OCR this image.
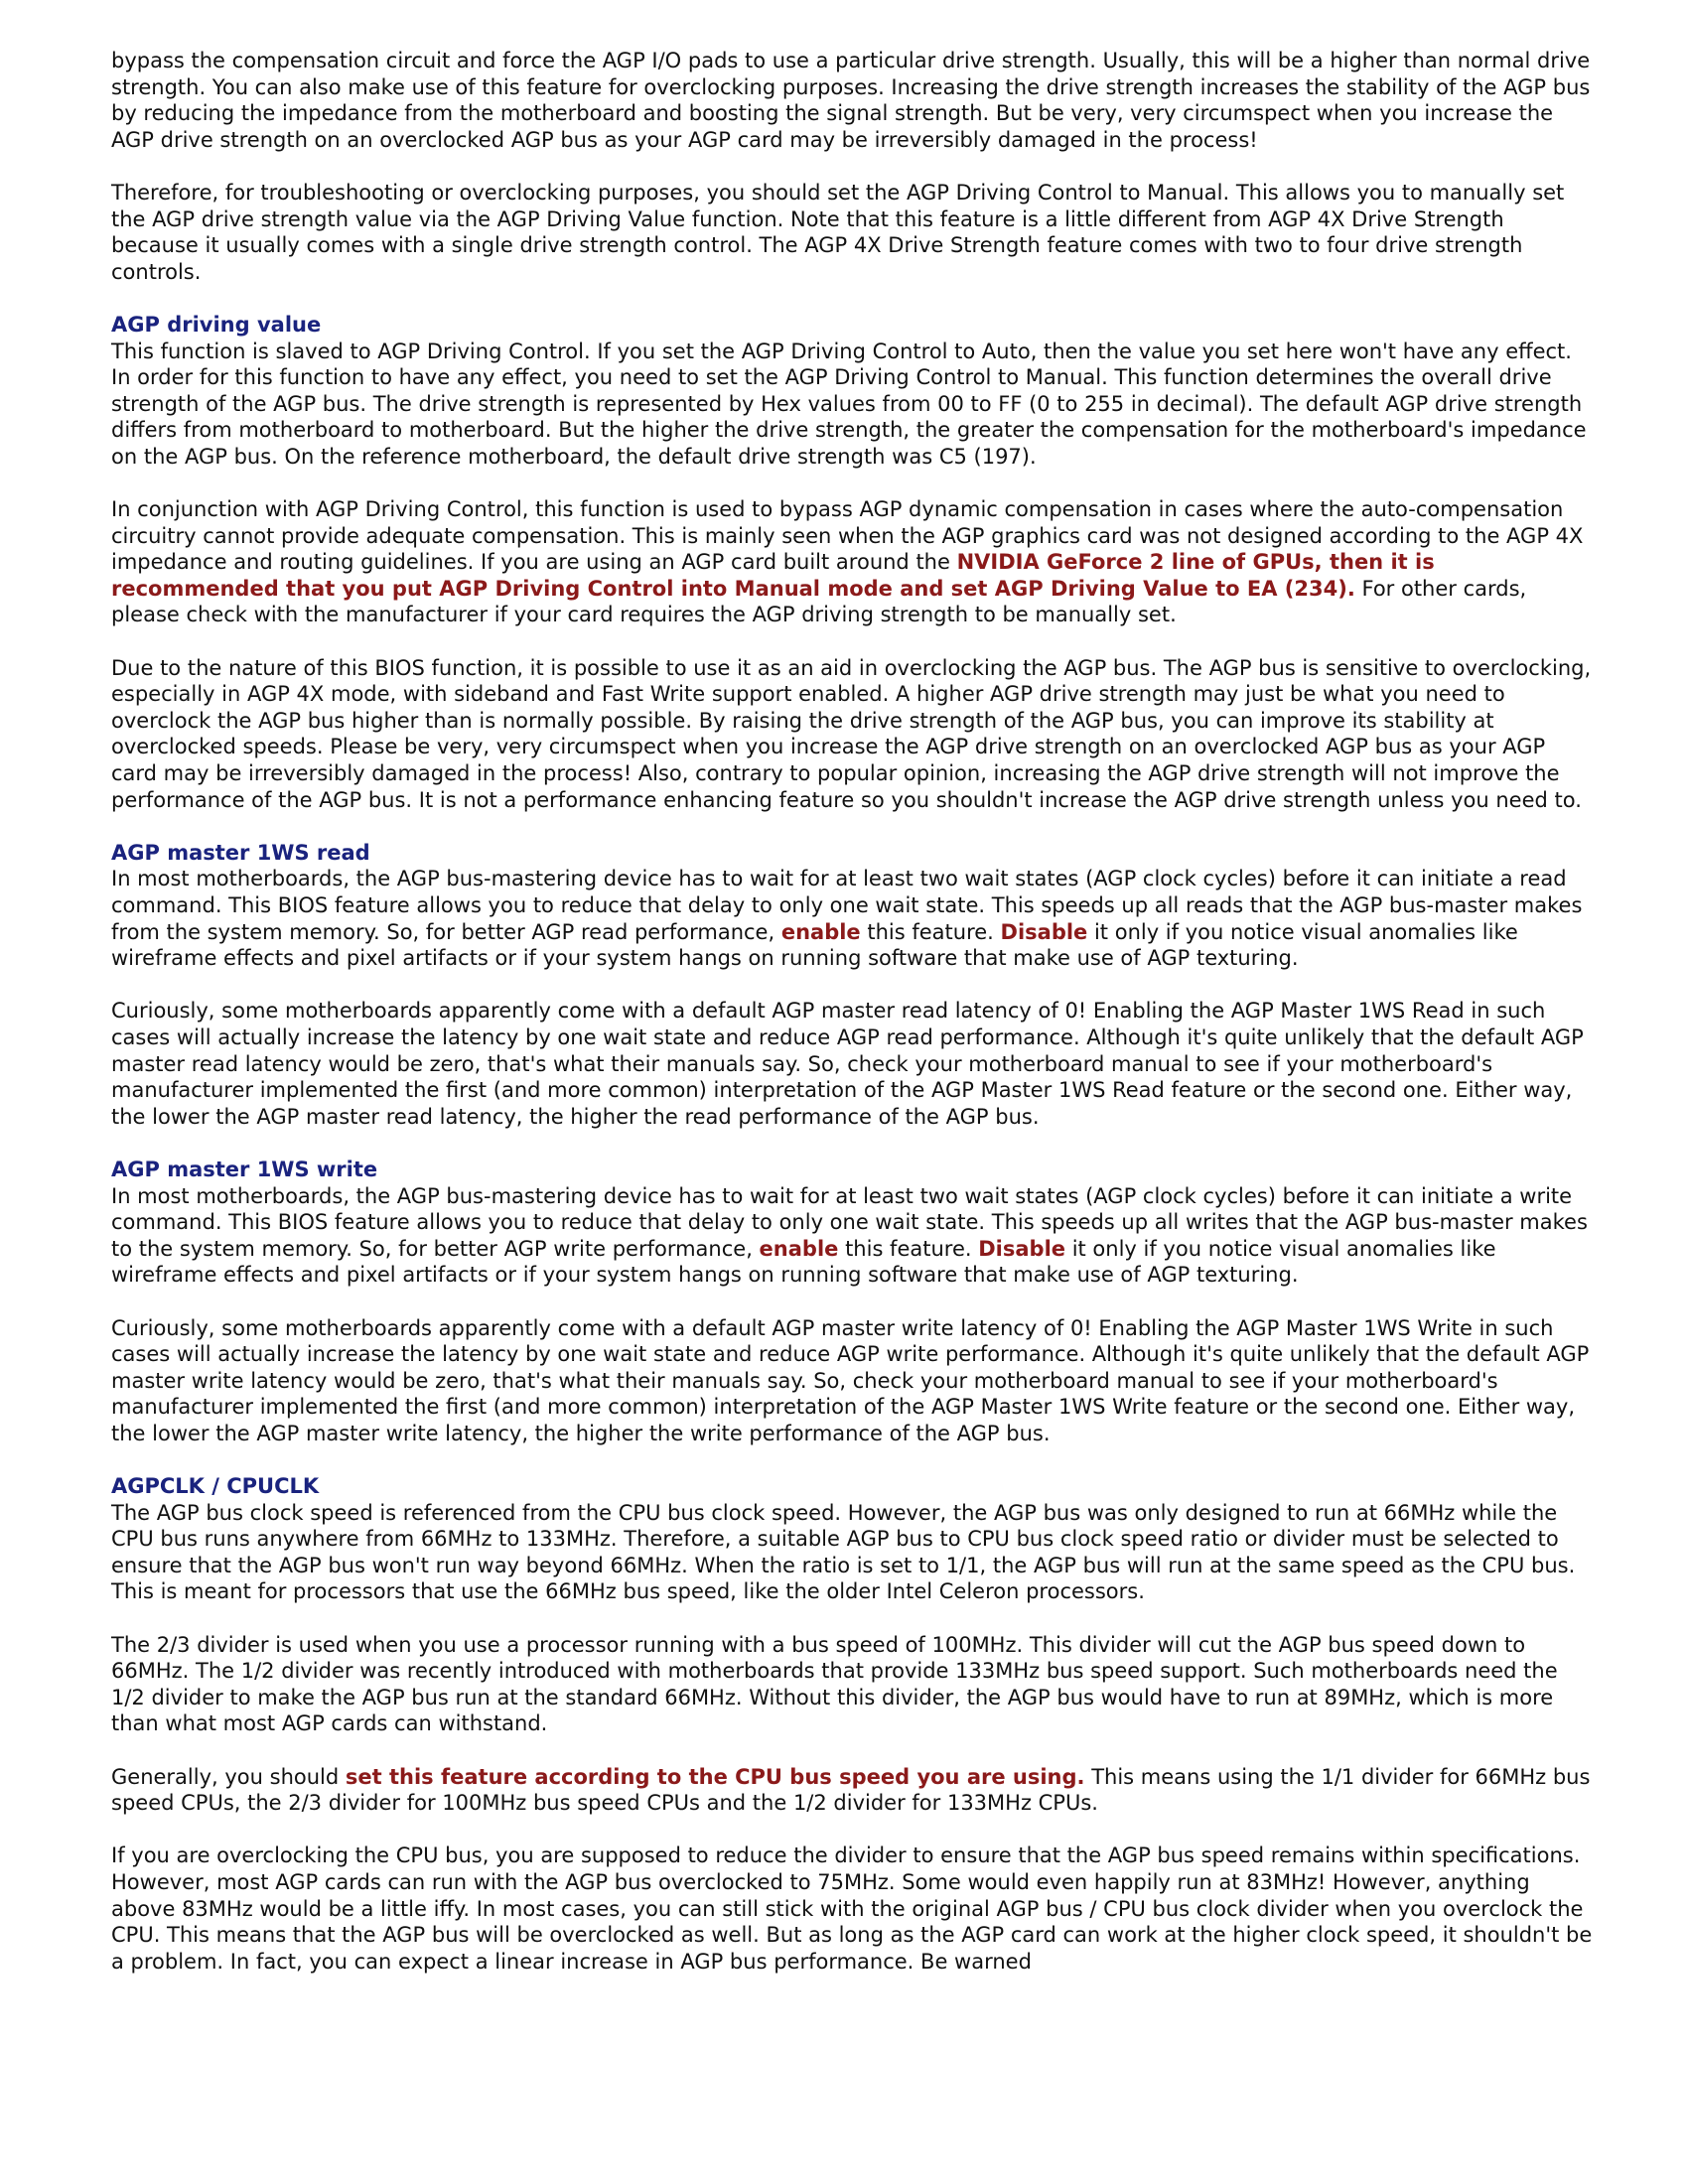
bypass the compensation circuit and force the AGP I/O pads to use a particular drive strength. Usually, this will be a higher than normal drive strength. You can also make use of this feature for overclocking purposes. Increasing the drive strength increases the stability of the AGP bus by reducing the impedance from the motherboard and boosting the signal strength. But be very, very circumspect when you increase the AGP drive strength on an overclocked AGP bus as your AGP card may be irreversibly damaged in the process!

Therefore, for troubleshooting or overclocking purposes, you should set the AGP Driving Control to Manual. This allows you to manually set the AGP drive strength value via the AGP Driving Value function. Note that this feature is a little different from AGP 4X Drive Strength because it usually comes with a single drive strength control. The AGP 4X Drive Strength feature comes with two to four drive strength controls.

AGP driving value

This function is slaved to AGP Driving Control. If you set the AGP Driving Control to Auto, then the value you set here won't have any effect. In order for this function to have any effect, you need to set the AGP Driving Control to Manual. This function determines the overall drive strength of the AGP bus. The drive strength is represented by Hex values from 00 to FF (0 to 255 in decimal). The default AGP drive strength differs from motherboard to motherboard. But the higher the drive strength, the greater the compensation for the motherboard's impedance on the AGP bus. On the reference motherboard, the default drive strength was C5 (197).

In conjunction with AGP Driving Control, this function is used to bypass AGP dynamic compensation in cases where the auto-compensation circuitry cannot provide adequate compensation. This is mainly seen when the AGP graphics card was not designed according to the AGP 4X impedance and routing guidelines. If you are using an AGP card built around the NVIDIA GeForce 2 line of GPUs, then it is recommended that you put AGP Driving Control into Manual mode and set AGP Driving Value to EA (234). For other cards, please check with the manufacturer if your card requires the AGP driving strength to be manually set.

Due to the nature of this BIOS function, it is possible to use it as an aid in overclocking the AGP bus. The AGP bus is sensitive to overclocking, especially in AGP 4X mode, with sideband and Fast Write support enabled. A higher AGP drive strength may just be what you need to overclock the AGP bus higher than is normally possible. By raising the drive strength of the AGP bus, you can improve its stability at overclocked speeds. Please be very, very circumspect when you increase the AGP drive strength on an overclocked AGP bus as your AGP card may be irreversibly damaged in the process! Also, contrary to popular opinion, increasing the AGP drive strength will not improve the performance of the AGP bus. It is not a performance enhancing feature so you shouldn't increase the AGP drive strength unless you need to.

AGP master 1WS read

In most motherboards, the AGP bus-mastering device has to wait for at least two wait states (AGP clock cycles) before it can initiate a read command. This BIOS feature allows you to reduce that delay to only one wait state. This speeds up all reads that the AGP bus-master makes from the system memory. So, for better AGP read performance, enable this feature. Disable it only if you notice visual anomalies like wireframe effects and pixel artifacts or if your system hangs on running software that make use of AGP texturing.

Curiously, some motherboards apparently come with a default AGP master read latency of 0! Enabling the AGP Master 1WS Read in such cases will actually increase the latency by one wait state and reduce AGP read performance. Although it's quite unlikely that the default AGP master read latency would be zero, that's what their manuals say. So, check your motherboard manual to see if your motherboard's manufacturer implemented the first (and more common) interpretation of the AGP Master 1WS Read feature or the second one. Either way, the lower the AGP master read latency, the higher the read performance of the AGP bus.

AGP master 1WS write

In most motherboards, the AGP bus-mastering device has to wait for at least two wait states (AGP clock cycles) before it can initiate a write command. This BIOS feature allows you to reduce that delay to only one wait state. This speeds up all writes that the AGP bus-master makes to the system memory. So, for better AGP write performance, enable this feature. Disable it only if you notice visual anomalies like wireframe effects and pixel artifacts or if your system hangs on running software that make use of AGP texturing.

Curiously, some motherboards apparently come with a default AGP master write latency of 0! Enabling the AGP Master 1WS Write in such cases will actually increase the latency by one wait state and reduce AGP write performance. Although it's quite unlikely that the default AGP master write latency would be zero, that's what their manuals say. So, check your motherboard manual to see if your motherboard's manufacturer implemented the first (and more common) interpretation of the AGP Master 1WS Write feature or the second one. Either way, the lower the AGP master write latency, the higher the write performance of the AGP bus.

AGPCLK / CPUCLK

The AGP bus clock speed is referenced from the CPU bus clock speed. However, the AGP bus was only designed to run at 66MHz while the CPU bus runs anywhere from 66MHz to 133MHz. Therefore, a suitable AGP bus to CPU bus clock speed ratio or divider must be selected to ensure that the AGP bus won't run way beyond 66MHz. When the ratio is set to 1/1, the AGP bus will run at the same speed as the CPU bus. This is meant for processors that use the 66MHz bus speed, like the older Intel Celeron processors.

The 2/3 divider is used when you use a processor running with a bus speed of 100MHz. This divider will cut the AGP bus speed down to 66MHz. The 1/2 divider was recently introduced with motherboards that provide 133MHz bus speed support. Such motherboards need the 1/2 divider to make the AGP bus run at the standard 66MHz. Without this divider, the AGP bus would have to run at 89MHz, which is more than what most AGP cards can withstand.

Generally, you should set this feature according to the CPU bus speed you are using. This means using the 1/1 divider for 66MHz bus speed CPUs, the 2/3 divider for 100MHz bus speed CPUs and the 1/2 divider for 133MHz CPUs.

If you are overclocking the CPU bus, you are supposed to reduce the divider to ensure that the AGP bus speed remains within specifications. However, most AGP cards can run with the AGP bus overclocked to 75MHz. Some would even happily run at 83MHz! However, anything above 83MHz would be a little iffy. In most cases, you can still stick with the original AGP bus / CPU bus clock divider when you overclock the CPU. This means that the AGP bus will be overclocked as well. But as long as the AGP card can work at the higher clock speed, it shouldn't be a problem. In fact, you can expect a linear increase in AGP bus performance. Be warned
